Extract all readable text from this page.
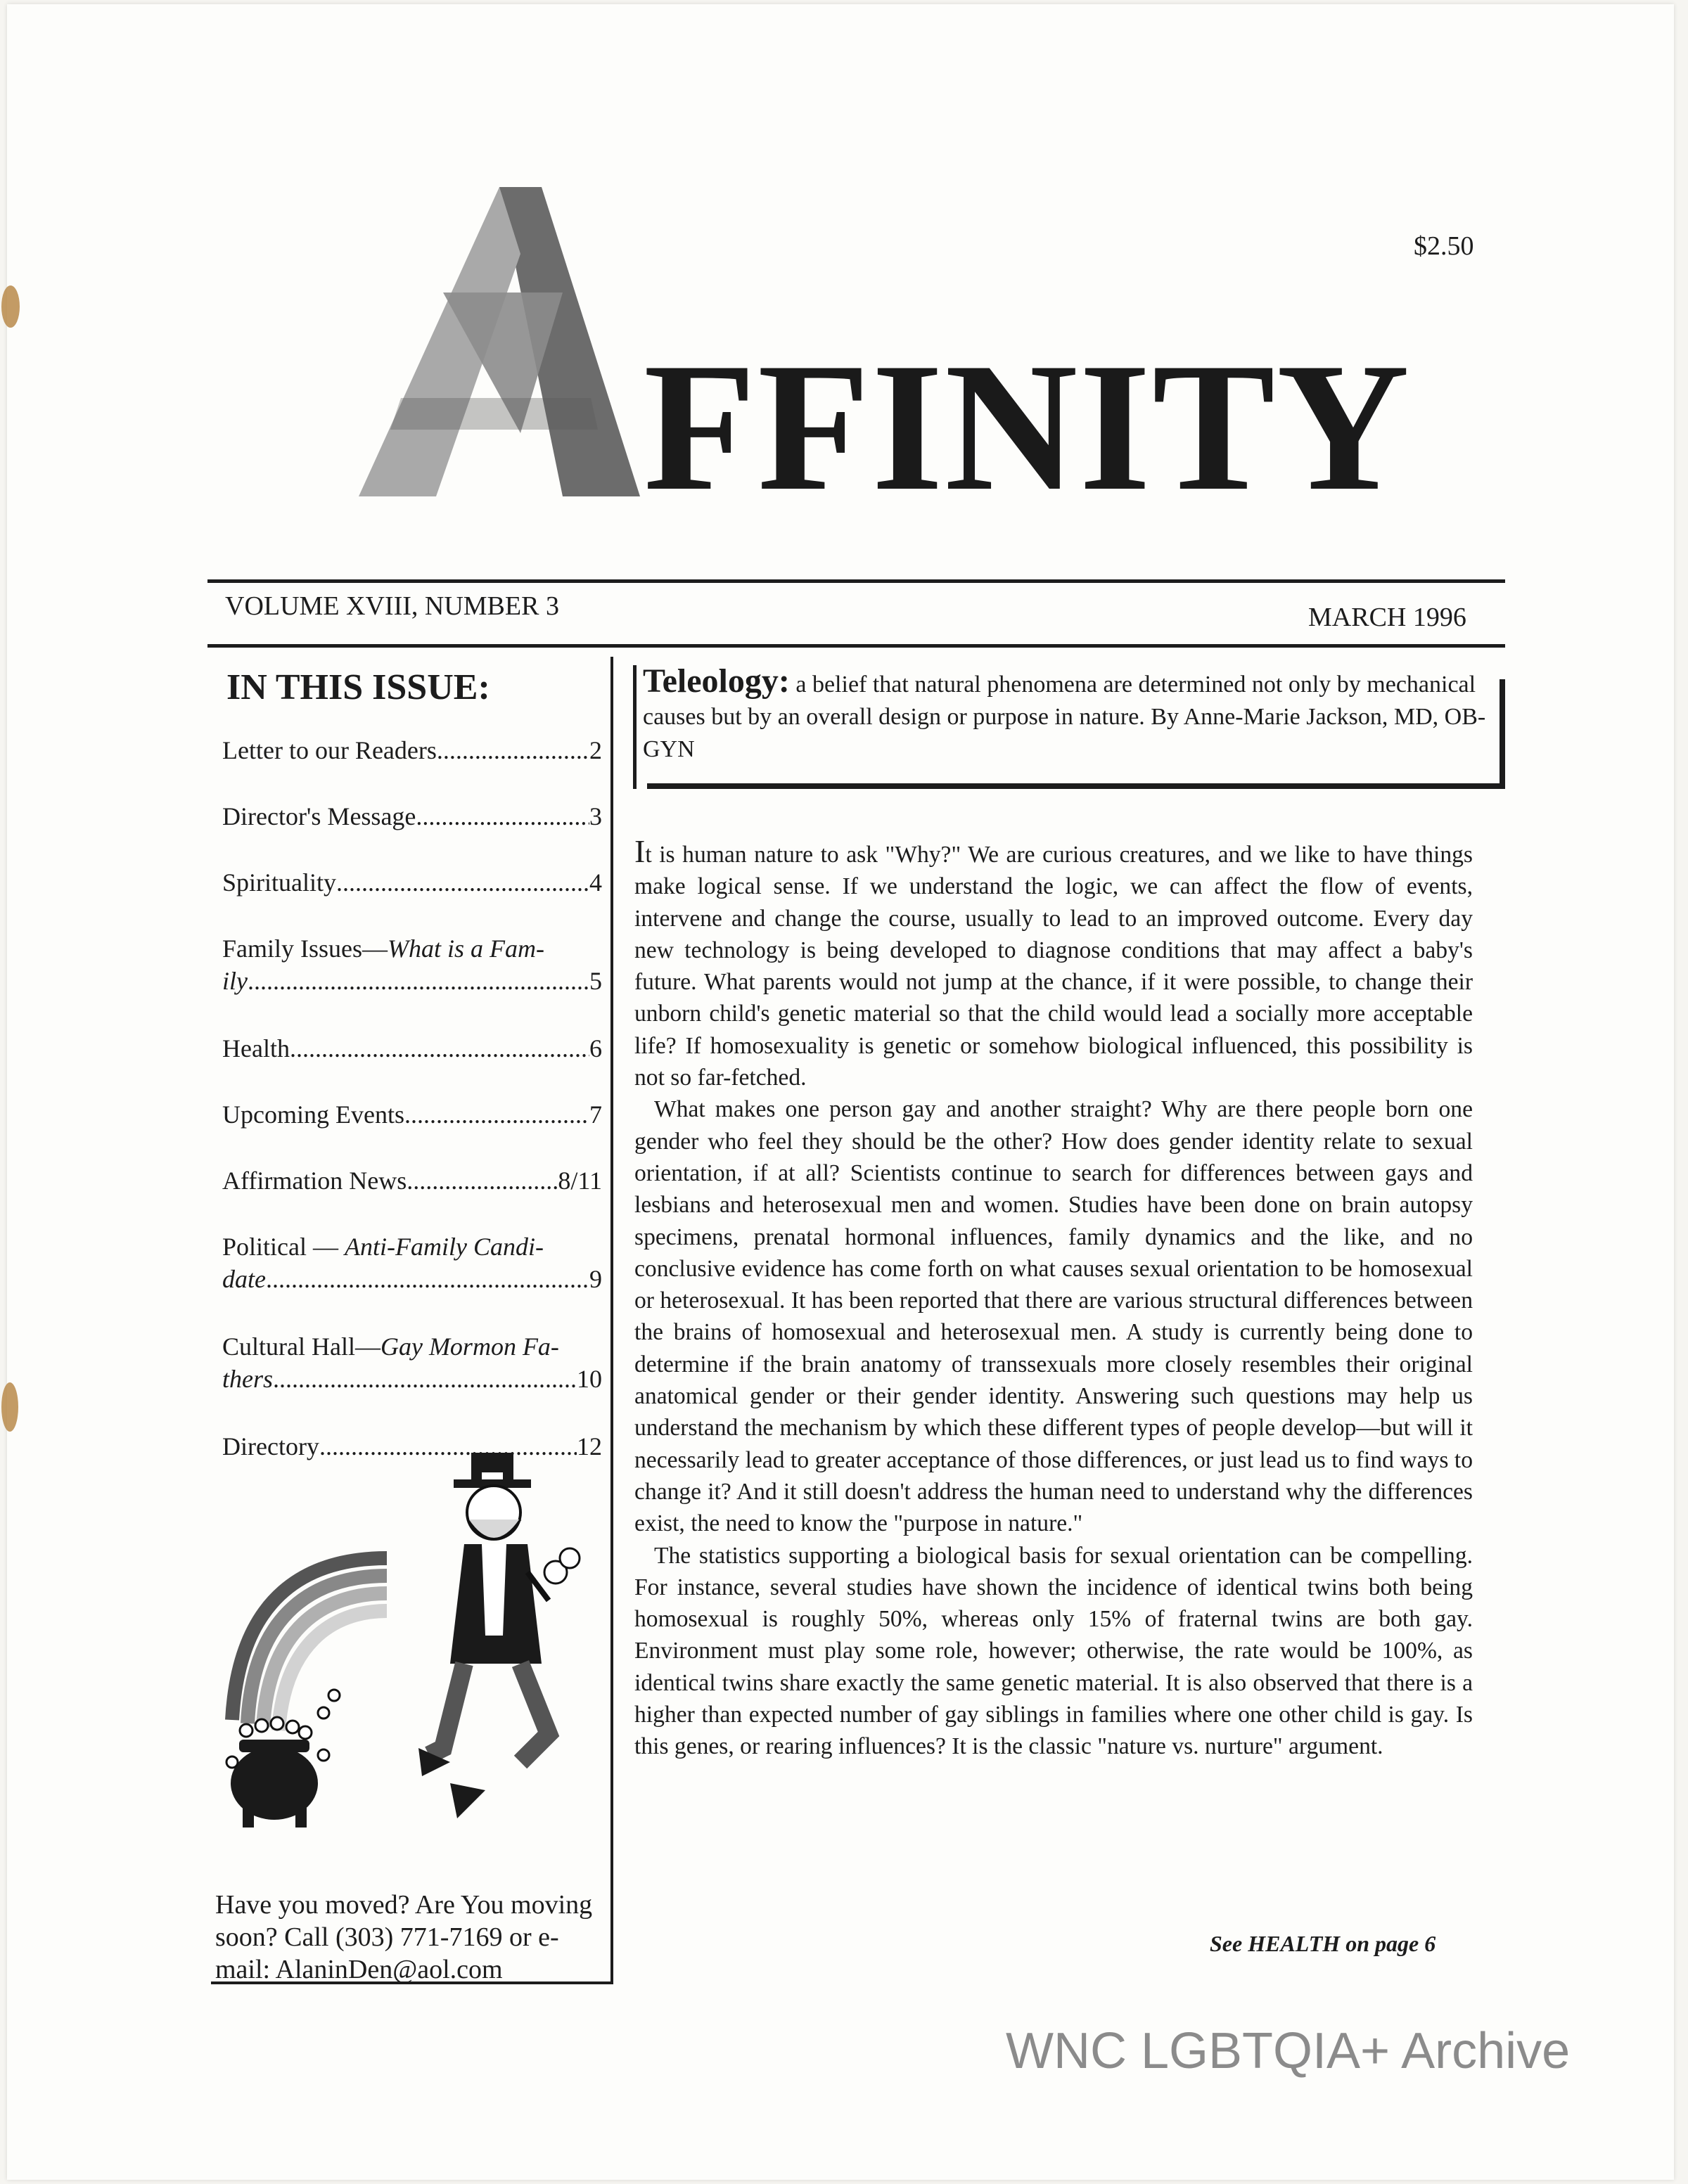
$2.50
FFINITY
VOLUME XVIII, NUMBER 3	MARCH 1996
IN THIS ISSUE:
Letter to our Readers .....	2
Director's Message .....	3
Spirituality .....	4
Family Issues—What is a Fam-
ily .....	5
Health .....	6
Upcoming Events .....	7
Affirmation News .....	8/11
Political — Anti-Family Candi-
date .....	9
Cultural Hall—Gay Mormon Fa-
thers .....	10
Directory .....	12
Have you moved? Are You moving soon? Call (303) 771-7169 or e-mail: AlaninDen@aol.com
Teleology: a belief that natural phenomena are determined not only by mechanical causes but by an overall design or purpose in nature. By Anne-Marie Jackson, MD, OB-GYN

It is human nature to ask "Why?" We are curious creatures, and we like to have things make logical sense. If we understand the logic, we can affect the flow of events, intervene and change the course, usually to lead to an improved outcome. Every day new technology is being developed to diagnose conditions that may affect a baby's future. What parents would not jump at the chance, if it were possible, to change their unborn child's genetic material so that the child would lead a socially more acceptable life? If homosexuality is genetic or somehow biological influenced, this possibility is not so far-fetched.

What makes one person gay and another straight? Why are there people born one gender who feel they should be the other? How does gender identity relate to sexual orientation, if at all? Scientists continue to search for differences between gays and lesbians and heterosexual men and women. Studies have been done on brain autopsy specimens, prenatal hormonal influences, family dynamics and the like, and no conclusive evidence has come forth on what causes sexual orientation to be homosexual or heterosexual. It has been reported that there are various structural differences between the brains of homosexual and heterosexual men. A study is currently being done to determine if the brain anatomy of transsexuals more closely resembles their original anatomical gender or their gender identity. Answering such questions may help us understand the mechanism by which these different types of people develop—but will it necessarily lead to greater acceptance of those differences, or just lead us to find ways to change it? And it still doesn't address the human need to understand why the differences exist, the need to know the "purpose in nature."

The statistics supporting a biological basis for sexual orientation can be compelling. For instance, several studies have shown the incidence of identical twins both being homosexual is roughly 50%, whereas only 15% of fraternal twins are both gay. Environment must play some role, however; otherwise, the rate would be 100%, as identical twins share exactly the same genetic material. It is also observed that there is a higher than expected number of gay siblings in families where one other child is gay. Is this genes, or rearing influences? It is the classic "nature vs. nurture" argument.

See HEALTH on page 6
WNC LGBTQIA+ Archive
